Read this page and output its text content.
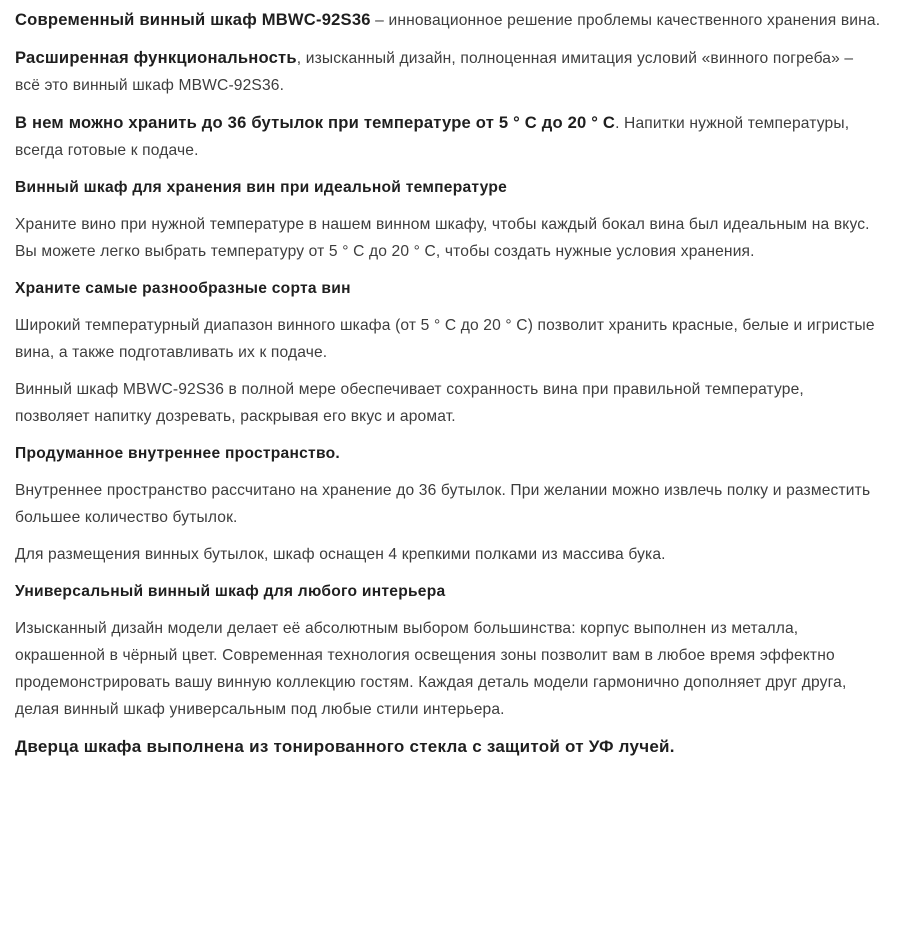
Современный винный шкаф MBWC-92S36 – инновационное решение проблемы качественного хранения вина.

Расширенная функциональность, изысканный дизайн, полноценная имитация условий «винного погреба» – всё это винный шкаф MBWC-92S36.

В нем можно хранить до 36 бутылок при температуре от 5 ° С до 20 ° С. Напитки нужной температуры, всегда готовые к подаче.

Винный шкаф для хранения вин при идеальной температуре

Храните вино при нужной температуре в нашем винном шкафу, чтобы каждый бокал вина был идеальным на вкус. Вы можете легко выбрать температуру от 5 ° С до 20 ° С, чтобы создать нужные условия хранения.

Храните самые разнообразные сорта вин

Широкий температурный диапазон винного шкафа (от 5 ° С до 20 ° С) позволит хранить красные, белые и игристые вина, а также подготавливать их к подаче.

Винный шкаф MBWC-92S36 в полной мере обеспечивает сохранность вина при правильной температуре, позволяет напитку дозревать, раскрывая его вкус и аромат.

Продуманное внутреннее пространство.

Внутреннее пространство рассчитано на хранение до 36 бутылок. При желании можно извлечь полку и разместить большее количество бутылок.

Для размещения винных бутылок, шкаф оснащен 4 крепкими полками из массива бука.

Универсальный винный шкаф для любого интерьера

Изысканный дизайн модели делает её абсолютным выбором большинства: корпус выполнен из металла, окрашенной в чёрный цвет. Современная технология освещения зоны позволит вам в любое время эффектно продемонстрировать вашу винную коллекцию гостям. Каждая деталь модели гармонично дополняет друг друга, делая винный шкаф универсальным под любые стили интерьера.

Дверца шкафа выполнена из тонированного стекла с защитой от УФ лучей.
